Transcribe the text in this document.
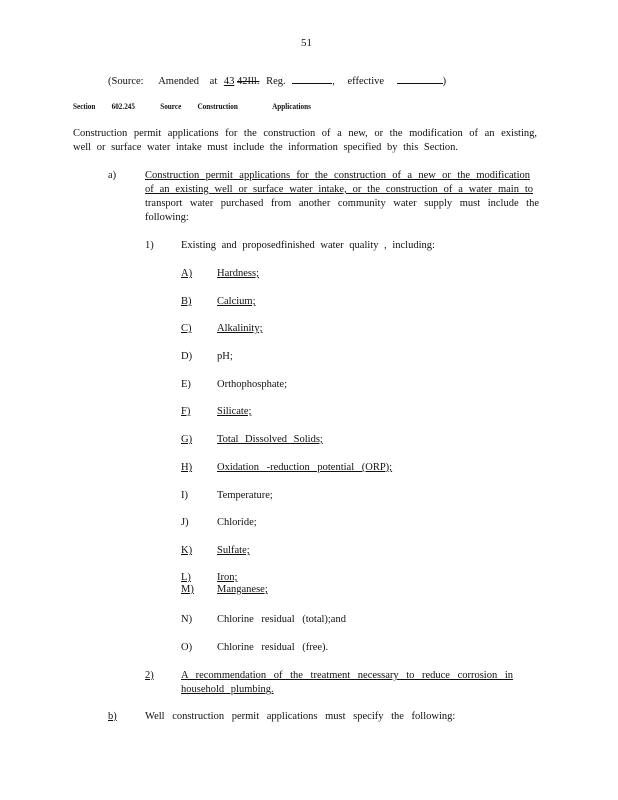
51
(Source: Amended at 43 42Ill. Reg.	, effective	)
Section 602.245	Source Construction	Applications
Construction permit applications for the construction of a new, or the modification of an existing,
well or surface water intake must include the information specified by this Section.
a)	Construction permit applications for the construction of a new or the modification
of an existing well or surface water intake, or the construction of a water main to
transport water purchased from another community water supply must include the
following:
1)	Existing and proposedfinished water quality , including:
A) Hardness;
B) Calcium;
C) Alkalinity;
D) pH;
E) Orthophosphate;
F)	Silicate;
G) Total Dissolved Solids;
H) Oxidation -reduction potential (ORP);
I)	Temperature;
J)	Chloride;
K) Sulfate;
L) Iron;
M) Manganese;
N) Chlorine residual (total);and
O) Chlorine residual (free).
2)	A recommendation of the treatment necessary to reduce corrosion in
household plumbing.
b)	Well construction permit applications must specify the following:
